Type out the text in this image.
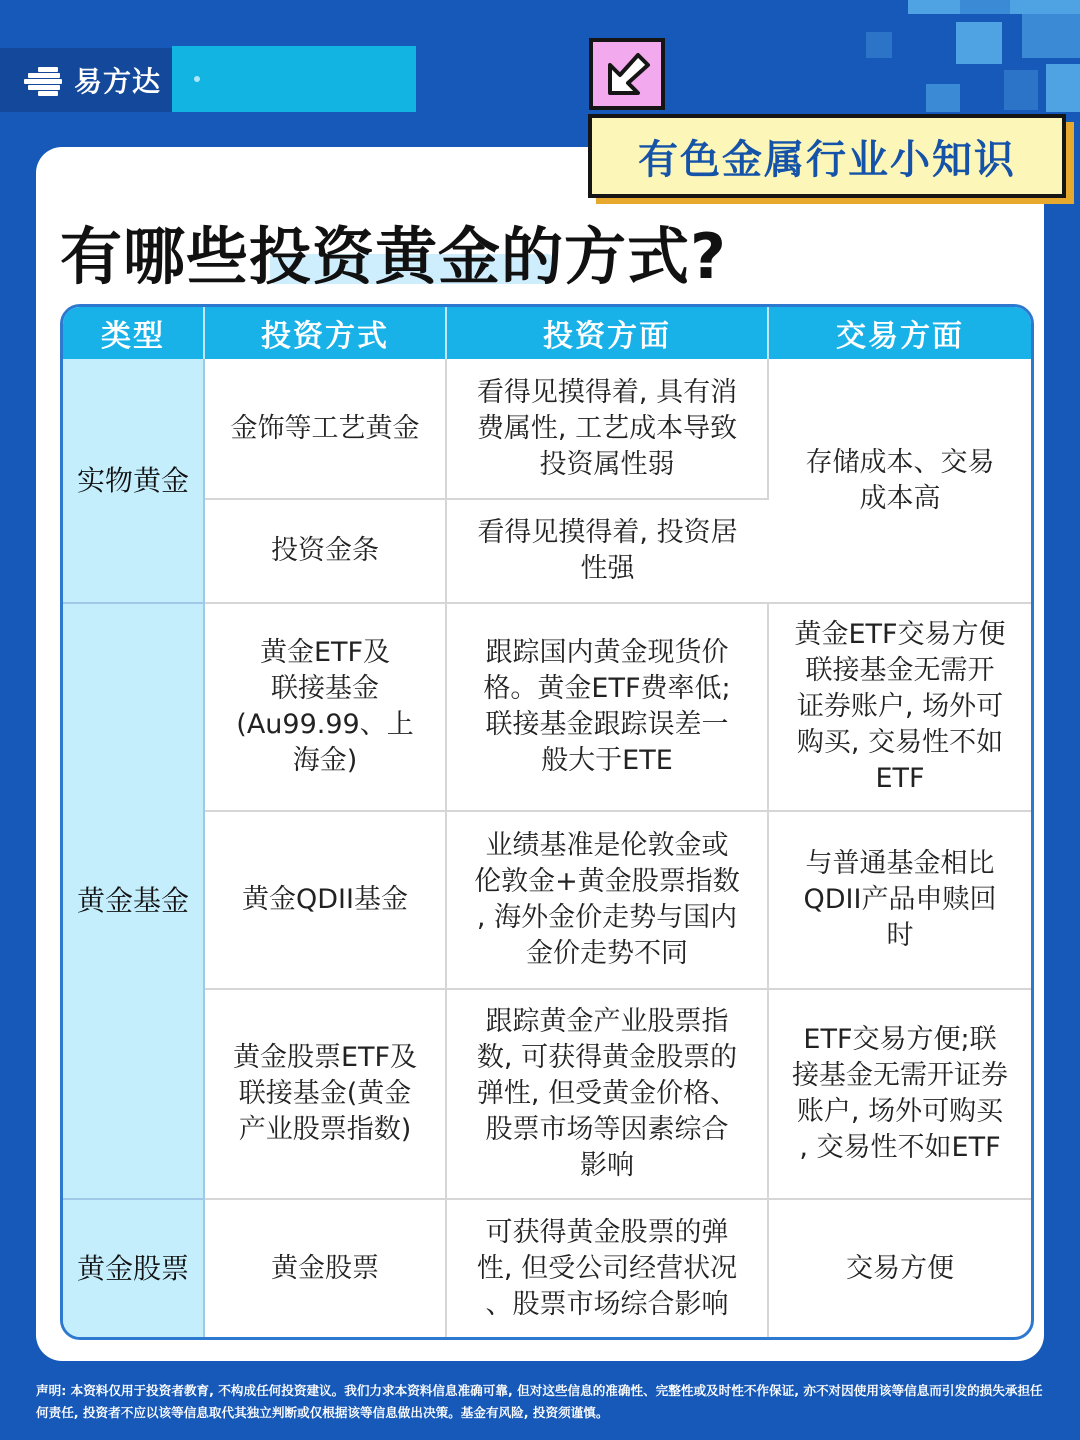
易方达
有色金属行业小知识
有哪些投资黄金的方式?
类型	投资方式	投资方面	交易方面
实物黄金	金饰等工艺黄金	看得见摸得着, 具有消
费属性, 工艺成本导致
投资属性弱	存储成本、交易
成本高
	投资金条	看得见摸得着, 投资居
性强	
黄金基金	黄金ETF及
联接基金
(Au99.99、上
海金)	跟踪国内黄金现货价
格。黄金ETF费率低;
联接基金跟踪误差一
般大于ETE	黄金ETF交易方便
联接基金无需开
证券账户, 场外可
购买, 交易性不如
ETF
	黄金QDII基金	业绩基准是伦敦金或
伦敦金+黄金股票指数
, 海外金价走势与国内
金价走势不同	与普通基金相比
QDII产品申赎回
时
	黄金股票ETF及
联接基金(黄金
产业股票指数)	跟踪黄金产业股票指
数, 可获得黄金股票的
弹性, 但受黄金价格、
股票市场等因素综合
影响	ETF交易方便;联
接基金无需开证券
账户, 场外可购买
, 交易性不如ETF
黄金股票	黄金股票	可获得黄金股票的弹
性, 但受公司经营状况
、股票市场综合影响	交易方便

声明: 本资料仅用于投资者教育, 不构成任何投资建议。我们力求本资料信息准确可靠, 但对这些信息的准确性、完整性或及时性不作保证, 亦不对因使用该等信息而引发的损失承担任何责任, 投资者不应以该等信息取代其独立判断或仅根据该等信息做出决策。基金有风险, 投资须谨慎。
